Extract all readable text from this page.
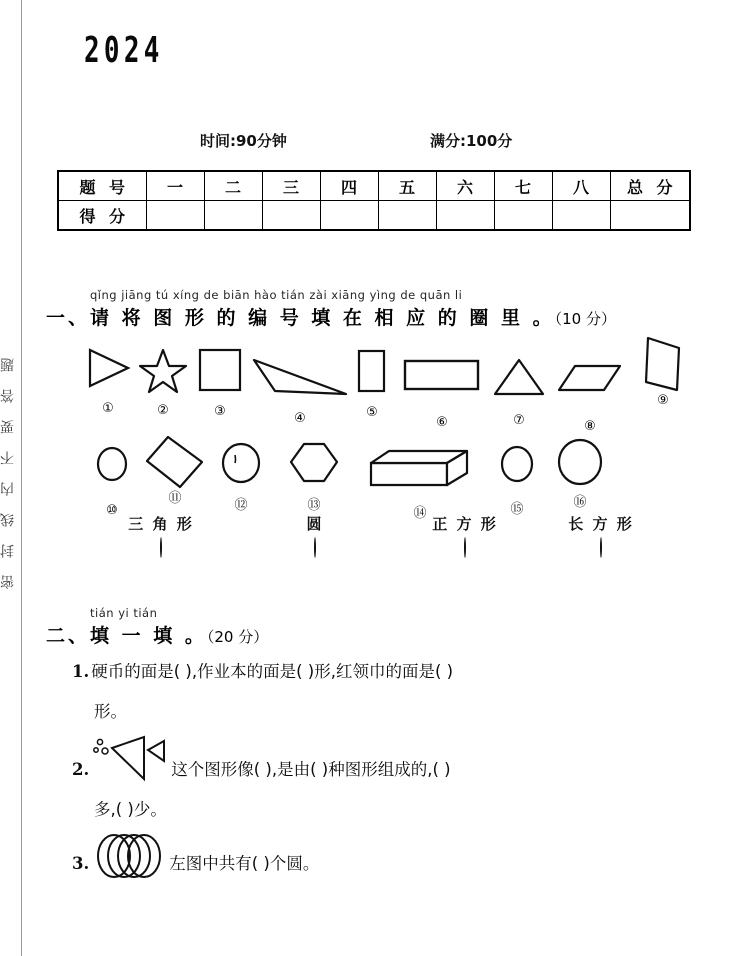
密封线内不要答题
2024
时间:90分钟	满分:100分
题 号	一	二	三	四	五	六	七	八	总 分
得 分									
qǐng jiāng tú xíng de biān hào tián zài xiāng yìng de quān li
一、请 将 图 形 的 编 号 填 在 相 应 的 圈 里 。（10 分）
①	②	③	④	⑤
⑥	⑦	⑧
⑨
⑩
⑪	⑫	⑬
⑭	⑮	⑯
三 角 形	圆	正 方 形	长 方 形
tián yi tián
二、填 一 填 。（20 分）
1. 硬币的面是( ),作业本的面是( )形,红领巾的面是( )
形。
2.	这个图形像( ),是由( )种图形组成的,( )
多,( )少。
3.	左图中共有( )个圆。
